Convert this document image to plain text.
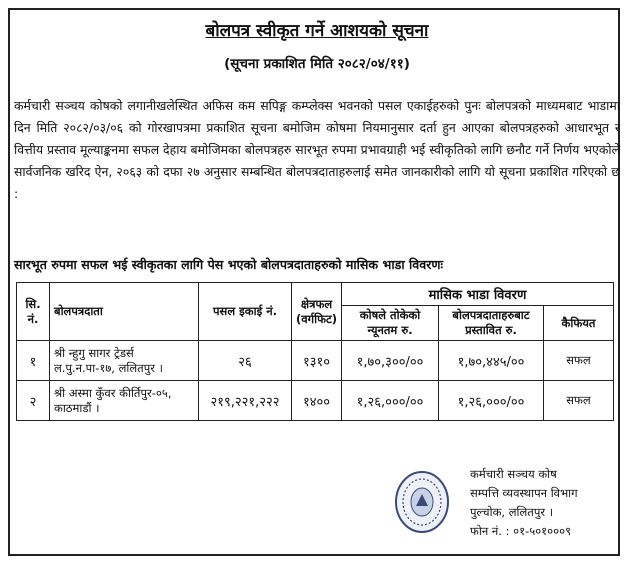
बोलपत्र स्वीकृत गर्ने आशयको सूचना
(सूचना प्रकाशित मिति २०८२/०४/११)
कर्मचारी सञ्चय कोषको लगानीखलेस्थित अफिस कम सपिङ्ग कम्प्लेक्स भवनको पसल एकाईहरुको पुनः बोलपत्रको माध्यमबाट भाडामा दिन मिति २०८२/०३/०६ को गोरखापत्रमा प्रकाशित सूचना बमोजिम कोषमा नियमानुसार दर्ता हुन आएका बोलपत्रहरुको आधारभूत र वित्तीय प्रस्ताव मूल्याङ्कनमा सफल देहाय बमोजिमका बोलपत्रहरु सारभूत रुपमा प्रभावग्राही भई स्वीकृतिको लागि छनौट गर्ने निर्णय भएकोले सार्वजनिक खरिद ऐन, २०६३ को दफा २७ अनुसार सम्बन्धित बोलपत्रदाताहरुलाई समेत जानकारीको लागि यो सूचना प्रकाशित गरिएको छ :
सारभूत रुपमा सफल भई स्वीकृतका लागि पेस भएको बोलपत्रदाताहरुको मासिक भाडा विवरणः
सि. नं.	बोलपत्रदाता	पसल इकाई नं.	क्षेत्रफल (वर्गफिट)	मासिक भाडा विवरण		
				कोषले तोकेको न्यूनतम रु.	बोलपत्रदाताहरुबाट प्रस्तावित रु.	कैफियत
१	श्री न्हुगु सागर ट्रेडर्स ल.पु.न.पा-१७, ललितपुर ।	२६	१३१०	१,७०,३००/००	१,७०,४४५/००	सफल
२	श्री अस्मा कुँवर कीर्तिपुर-०५, काठमाडौं ।	२१९,२२१,२२२	१४००	१,२६,०००/००	१,२६,०००/००	सफल
कर्मचारी सञ्चय कोष
सम्पत्ति व्यवस्थापन विभाग
पुल्चोक, ललितपुर ।
फोन नं. : ०१-५०१०००९
